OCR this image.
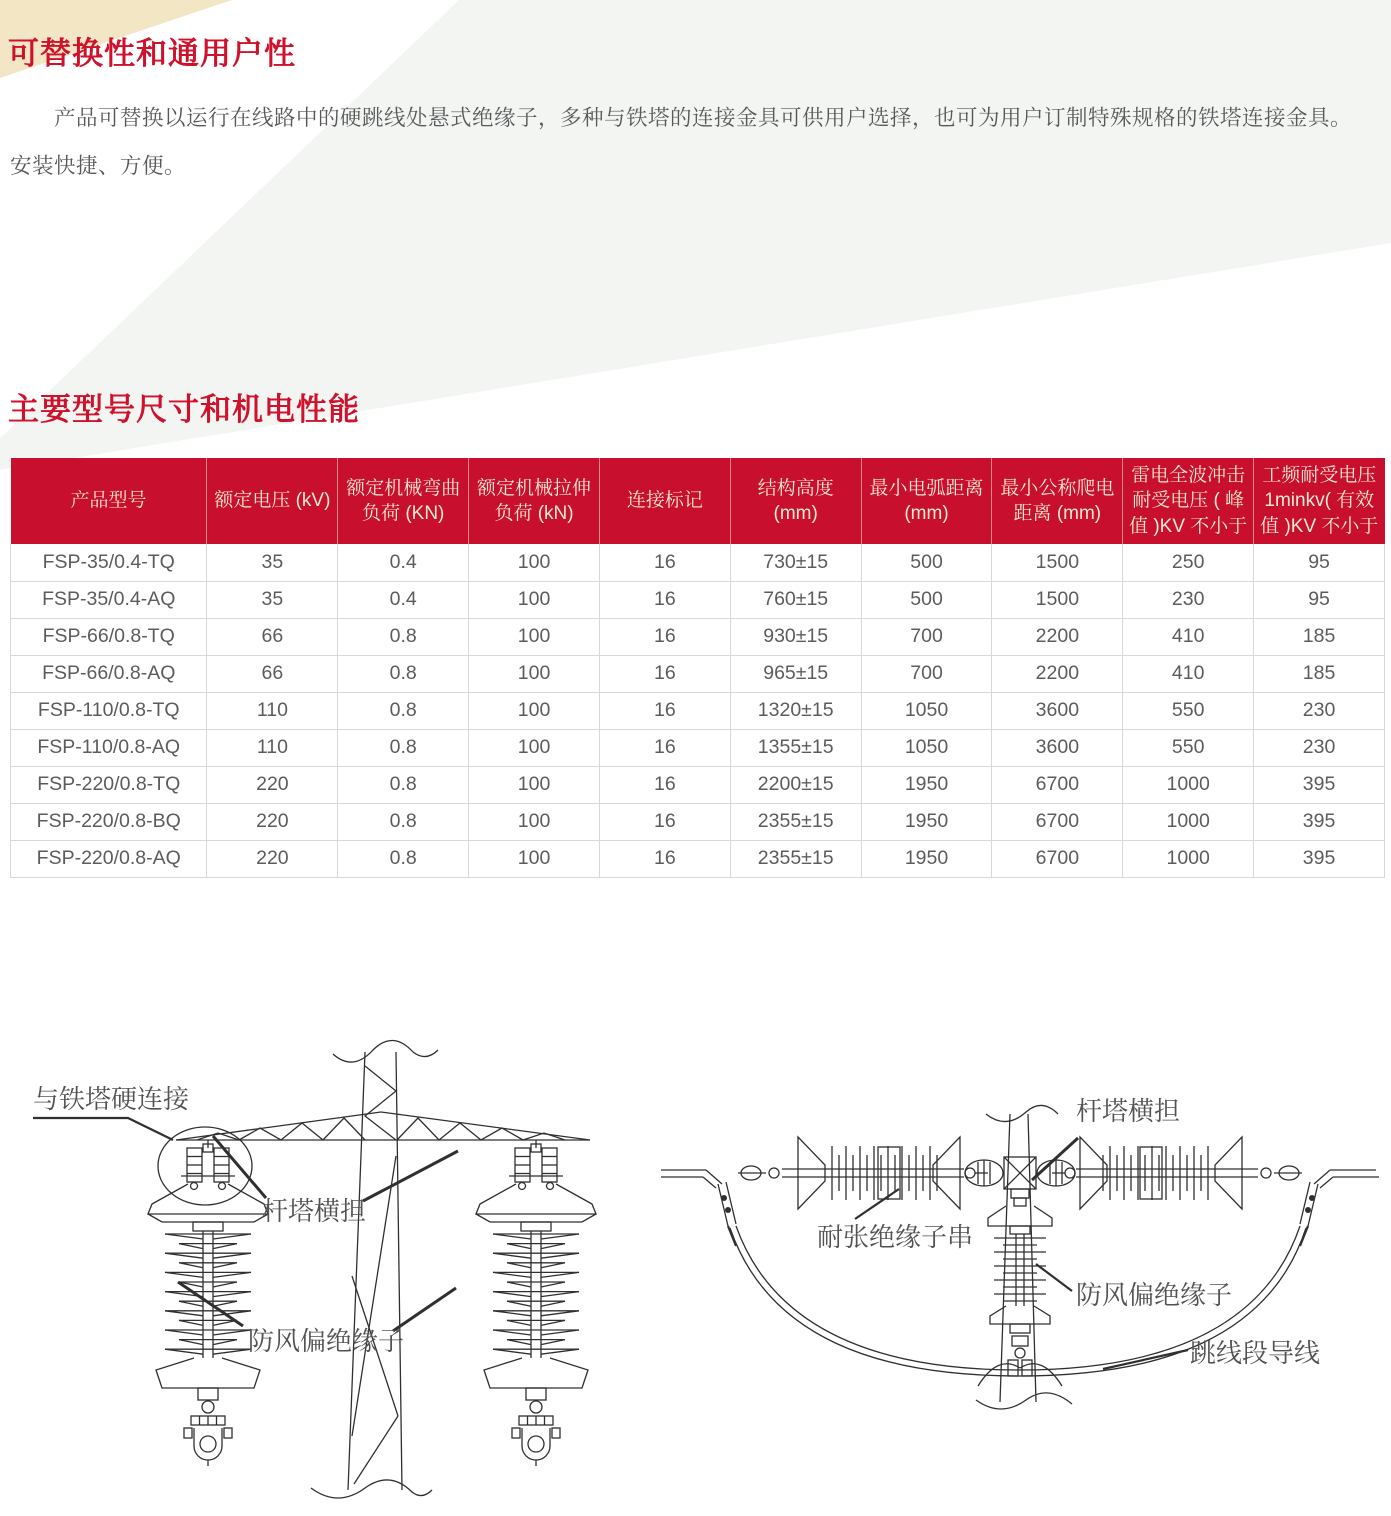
可替换性和通用户性
产品可替换以运行在线路中的硬跳线处悬式绝缘子，多种与铁塔的连接金具可供用户选择，也可为用户订制特殊规格的铁塔连接金具。
安装快捷、方便。
主要型号尺寸和机电性能
产品型号	额定电压 (kV)	额定机械弯曲负荷 (KN)	额定机械拉伸负荷 (kN)	连接标记	结构高度 (mm)	最小电弧距离 (mm)	最小公称爬电距离 (mm)	雷电全波冲击耐受电压 ( 峰值 )KV 不小于	工频耐受电压 1minkv( 有效值 )KV 不小于
FSP-35/0.4-TQ	35	0.4	100	16	730±15	500	1500	250	95
FSP-35/0.4-AQ	35	0.4	100	16	760±15	500	1500	230	95
FSP-66/0.8-TQ	66	0.8	100	16	930±15	700	2200	410	185
FSP-66/0.8-AQ	66	0.8	100	16	965±15	700	2200	410	185
FSP-110/0.8-TQ	110	0.8	100	16	1320±15	1050	3600	550	230
FSP-110/0.8-AQ	110	0.8	100	16	1355±15	1050	3600	550	230
FSP-220/0.8-TQ	220	0.8	100	16	2200±15	1950	6700	1000	395
FSP-220/0.8-BQ	220	0.8	100	16	2355±15	1950	6700	1000	395
FSP-220/0.8-AQ	220	0.8	100	16	2355±15	1950	6700	1000	395
与铁塔硬连接
杆塔横担
防风偏绝缘子
杆塔横担
耐张绝缘子串
防风偏绝缘子
跳线段导线
